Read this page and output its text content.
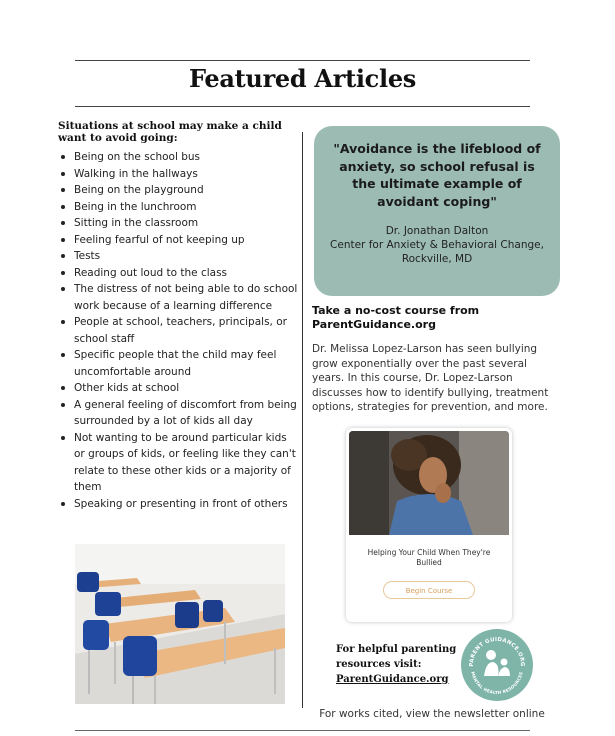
Featured Articles
Situations at school may make a child want to avoid going:
Being on the school bus
Walking in the hallways
Being on the playground
Being in the lunchroom
Sitting in the classroom
Feeling fearful of not keeping up
Tests
Reading out loud to the class
The distress of not being able to do school work because of a learning difference
People at school, teachers, principals, or school staff
Specific people that the child may feel uncomfortable around
Other kids at school
A general feeling of discomfort from being surrounded by a lot of kids all day
Not wanting to be around particular kids or groups of kids, or feeling like they can't relate to these other kids or a majority of them
Speaking or presenting in front of others
"Avoidance is the lifeblood of anxiety, so school refusal is the ultimate example of avoidant coping"
Dr. Jonathan Dalton
Center for Anxiety & Behavioral Change,
Rockville, MD
Take a no-cost course from
ParentGuidance.org
Dr. Melissa Lopez-Larson has seen bullying grow exponentially over the past several years. In this course, Dr. Lopez-Larson discusses how to identify bullying, treatment options, strategies for prevention, and more.
Helping Your Child When They're Bullied
Begin Course
For helpful parenting
resources visit:
ParentGuidance.org
PARENT GUIDANCE.ORG
MENTAL HEALTH RESOURCES
For works cited, view the newsletter online
